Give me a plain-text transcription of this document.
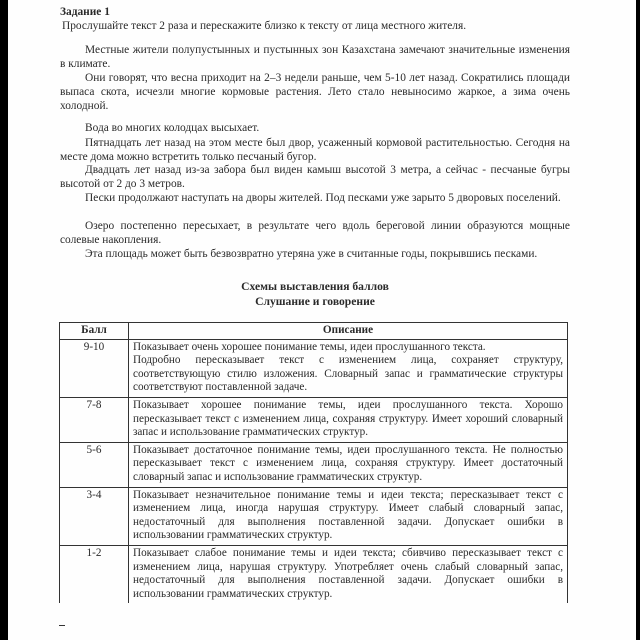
Задание 1
Прослушайте текст 2 раза и перескажите близко к тексту от лица местного жителя.
Местные жители полупустынных и пустынных зон Казахстана замечают значительные изменения в климате.
Они говорят, что весна приходит на 2–3 недели раньше, чем 5-10 лет назад. Сократились площади выпаса скота, исчезли многие кормовые растения. Лето стало невыносимо жаркое, а зима очень холодной.
Вода во многих колодцах высыхает.
Пятнадцать лет назад на этом месте был двор, усаженный кормовой растительностью. Сегодня на месте дома можно встретить только песчаный бугор.
Двадцать лет назад из-за забора был виден камыш высотой 3 метра, а сейчас - песчаные бугры высотой от 2 до 3 метров.
Пески продолжают наступать на дворы жителей. Под песками уже зарыто 5 дворовых поселений.
Озеро постепенно пересыхает, в результате чего вдоль береговой линии образуются мощные солевые накопления.
Эта площадь может быть безвозвратно утеряна уже в считанные годы, покрывшись песками.
Схемы выставления баллов
Слушание и говорение
Балл	Описание
9-10	Показывает очень хорошее понимание темы, идеи прослушанного текста.
Подробно пересказывает текст с изменением лица, сохраняет структуру, соответствующую стилю изложения. Словарный запас и грамматические структуры соответствуют поставленной задаче.

7-8	Показывает хорошее понимание темы, идеи прослушанного текста. Хорошо пересказывает текст с изменением лица, сохраняя структуру. Имеет хороший словарный запас и использование грамматических структур.
5-6	Показывает достаточное понимание темы, идеи прослушанного текста. Не полностью пересказывает текст с изменением лица, сохраняя структуру. Имеет достаточный словарный запас и использование грамматических структур.
3-4	Показывает незначительное понимание темы и идеи текста; пересказывает текст с изменением лица, иногда нарушая структуру. Имеет слабый словарный запас, недостаточный для выполнения поставленной задачи. Допускает ошибки в использовании грамматических структур.
1-2	Показывает слабое понимание темы и идеи текста; сбивчиво пересказывает текст с изменением лица, нарушая структуру. Употребляет очень слабый словарный запас, недостаточный для выполнения поставленной задачи. Допускает ошибки в использовании грамматических структур.
